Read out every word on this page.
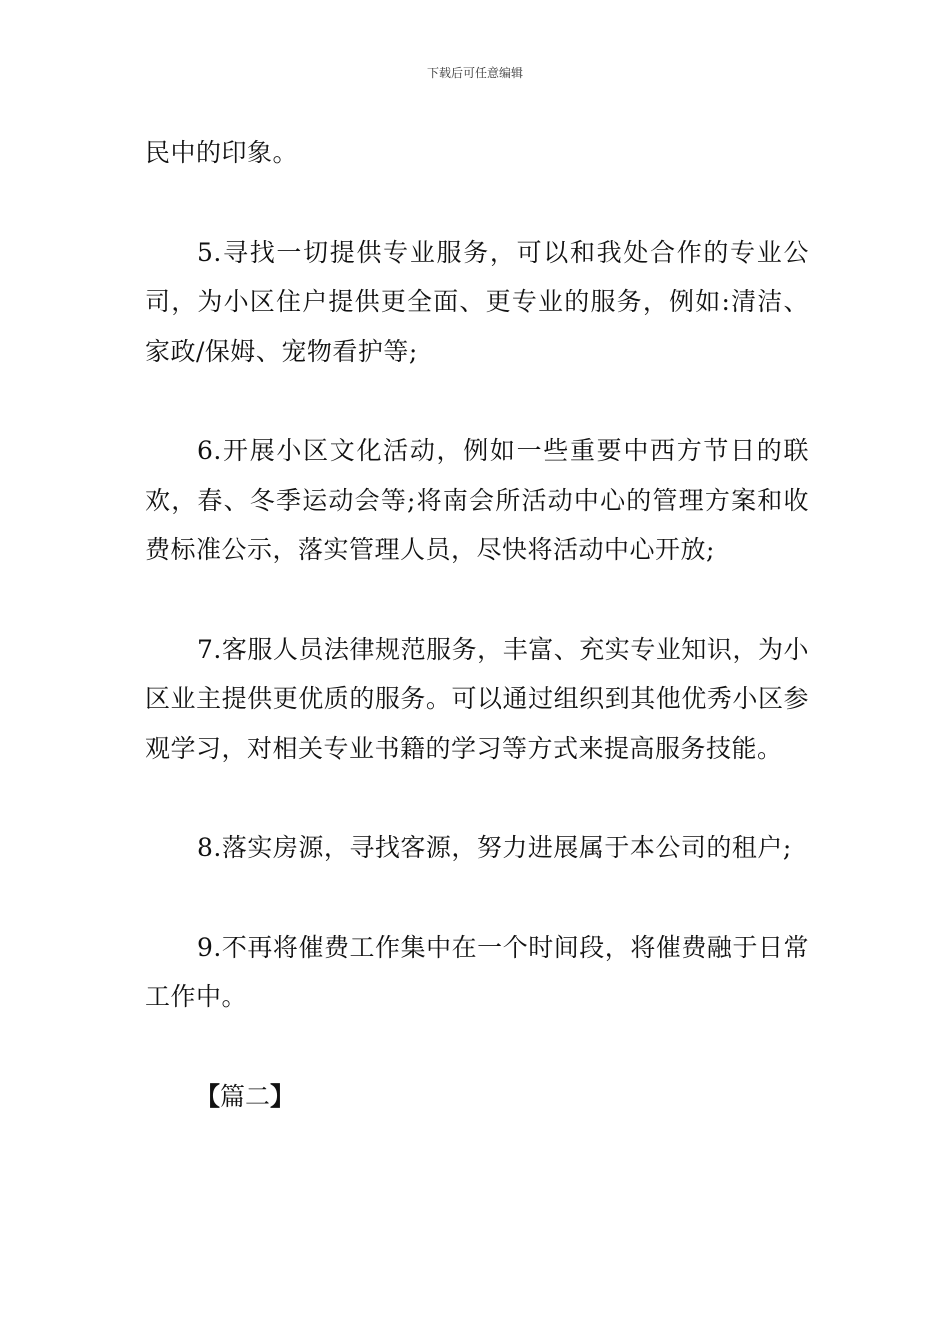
下载后可任意编辑

民中的印象。

5.寻找一切提供专业服务，可以和我处合作的专业公司，为小区住户提供更全面、更专业的服务，例如:清洁、家政/保姆、宠物看护等;

6.开展小区文化活动，例如一些重要中西方节日的联欢，春、冬季运动会等;将南会所活动中心的管理方案和收费标准公示，落实管理人员，尽快将活动中心开放;

7.客服人员法律规范服务，丰富、充实专业知识，为小区业主提供更优质的服务。可以通过组织到其他优秀小区参观学习，对相关专业书籍的学习等方式来提高服务技能。

8.落实房源，寻找客源，努力进展属于本公司的租户;

9.不再将催费工作集中在一个时间段，将催费融于日常工作中。

【篇二】
